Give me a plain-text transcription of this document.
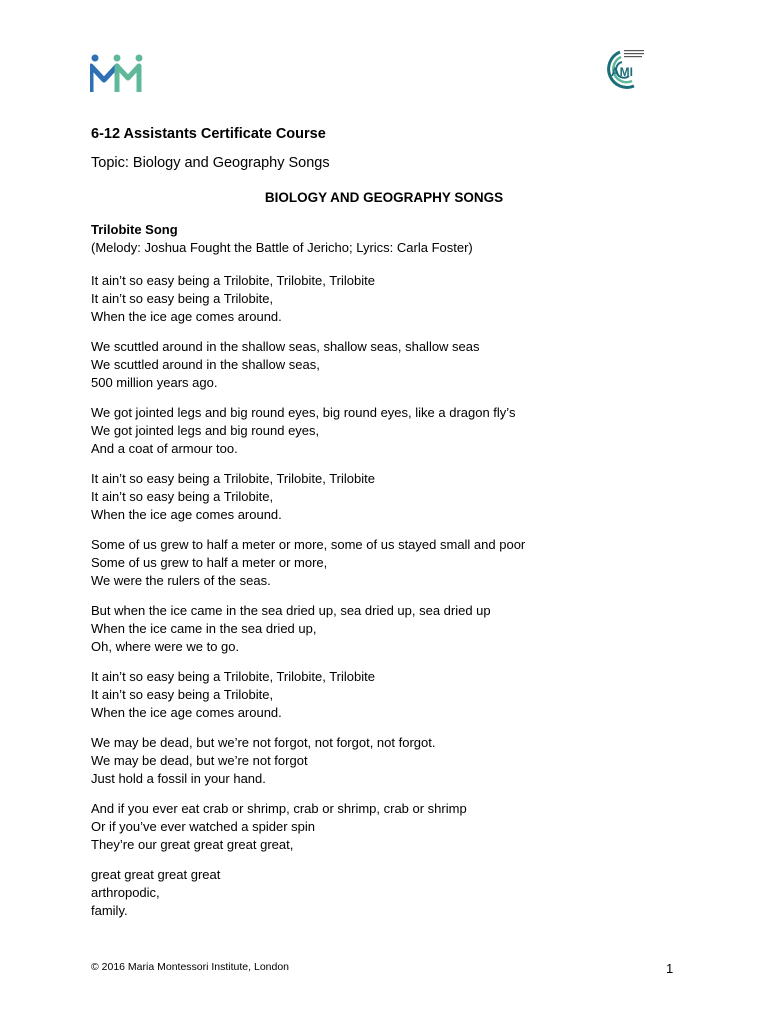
AMI
6-12 Assistants Certificate Course
Topic: Biology and Geography Songs
BIOLOGY AND GEOGRAPHY SONGS
Trilobite Song
(Melody: Joshua Fought the Battle of Jericho; Lyrics: Carla Foster)
It ain’t so easy being a Trilobite, Trilobite, Trilobite
It ain’t so easy being a Trilobite,
When the ice age comes around.
We scuttled around in the shallow seas, shallow seas, shallow seas
We scuttled around in the shallow seas,
500 million years ago.
We got jointed legs and big round eyes, big round eyes, like a dragon fly’s
We got jointed legs and big round eyes,
And a coat of armour too.
It ain’t so easy being a Trilobite, Trilobite, Trilobite
It ain’t so easy being a Trilobite,
When the ice age comes around.
Some of us grew to half a meter or more, some of us stayed small and poor
Some of us grew to half a meter or more,
We were the rulers of the seas.
But when the ice came in the sea dried up, sea dried up, sea dried up
When the ice came in the sea dried up,
Oh, where were we to go.
It ain’t so easy being a Trilobite, Trilobite, Trilobite
It ain’t so easy being a Trilobite,
When the ice age comes around.
We may be dead, but we’re not forgot, not forgot, not forgot.
We may be dead, but we’re not forgot
Just hold a fossil in your hand.
And if you ever eat crab or shrimp, crab or shrimp, crab or shrimp
Or if you’ve ever watched a spider spin
They’re our great great great great,
great great great great
arthropodic,
family.
© 2016 Maria Montessori Institute, London	1
